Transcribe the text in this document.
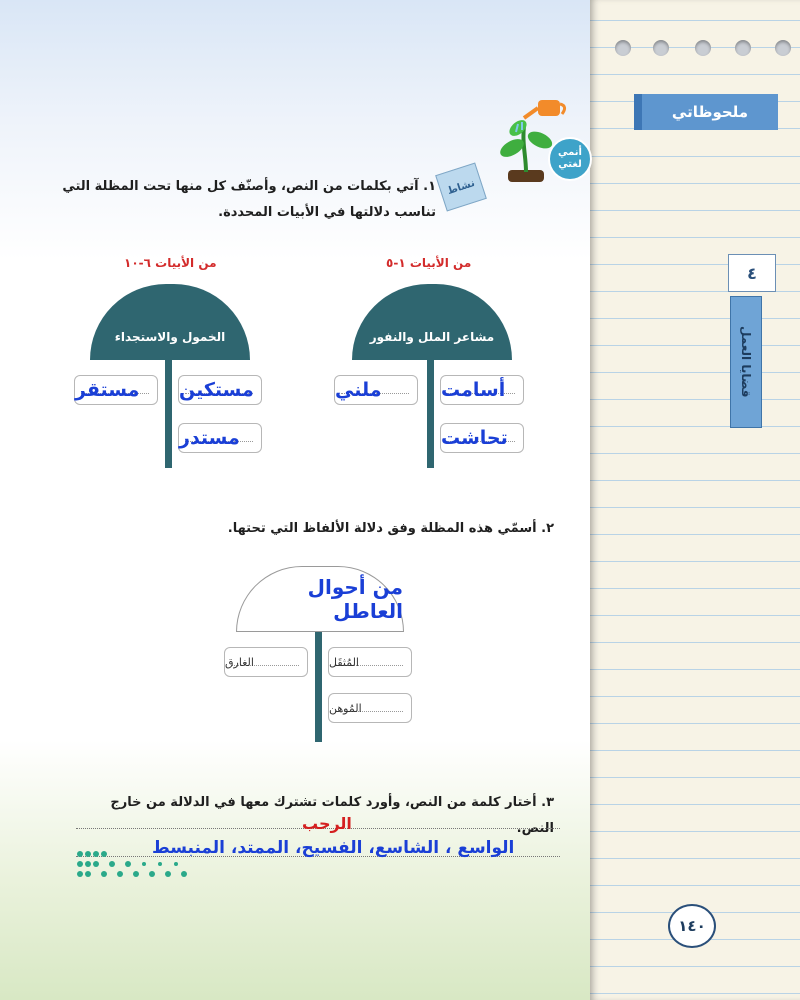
ملحوظاتي
٤
قضايا العمل
١٤٠
أنمي لغتي
نشاط
١. آتي بكلمات من النص، وأصنّف كل منها تحت المظلة التي
تناسب دلالتها في الأبيات المحددة.
من الأبيات ١-٥
من الأبيات ٦-١٠
مشاعر الملل والنفور
أسامت
ملني
تحاشت
الخمول والاستجداء
مستكين
مستقر
مستدر
٢. أسمّي هذه المظلة وفق دلالة الألفاظ التي تحتها.
من أحوال العاطل
المُثقَل
الغارق
المُوهن
٣. أختار كلمة من النص، وأورد كلمات تشترك معها في الدلالة من خارج النص.
الرحب
الواسع ، الشاسع، الفسيح، الممتد، المنبسط
